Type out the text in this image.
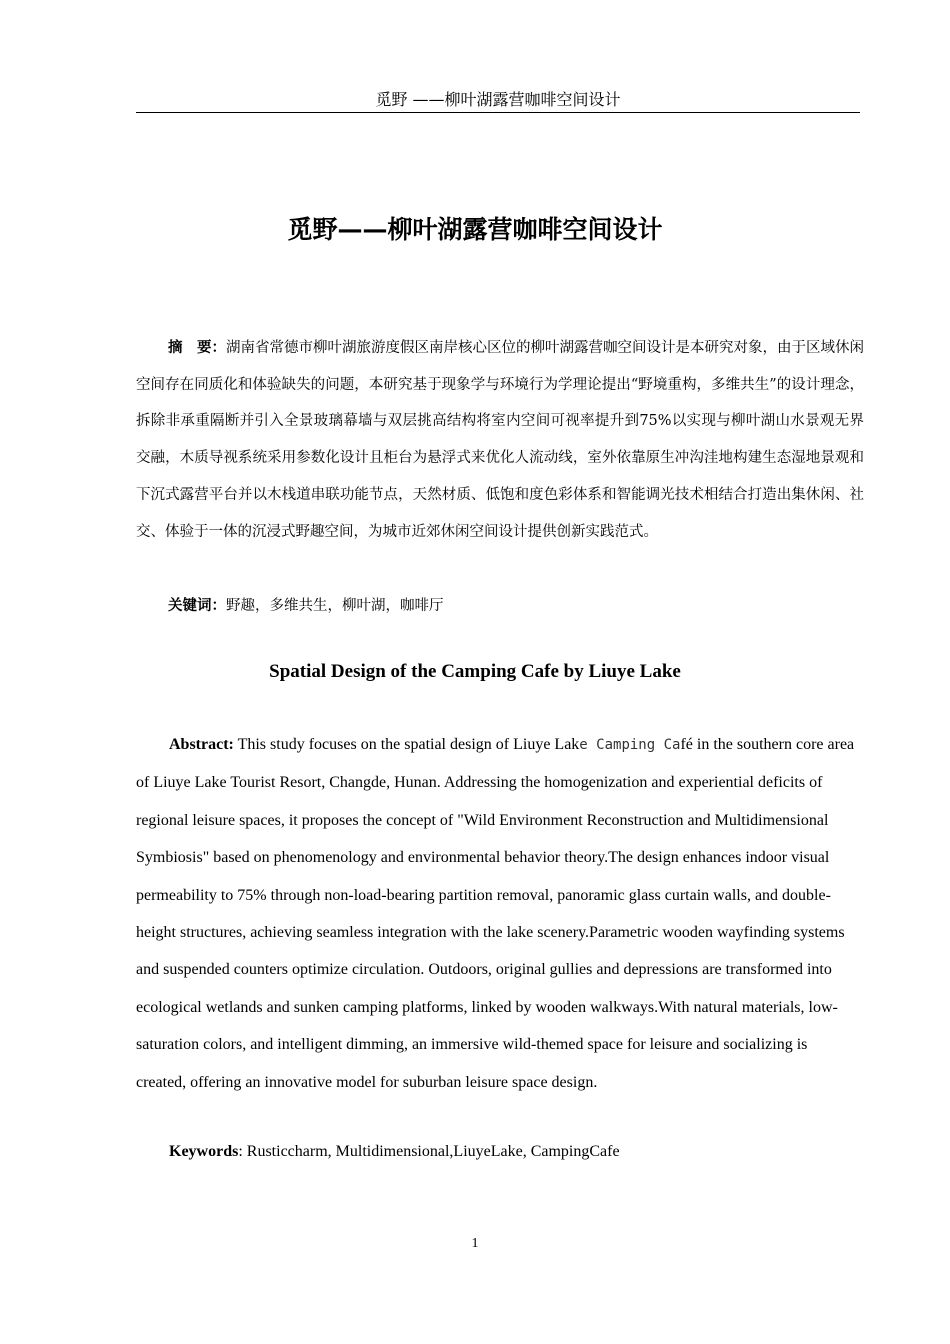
觅野 ——柳叶湖露营咖啡空间设计
觅野——柳叶湖露营咖啡空间设计

摘　要：湖南省常德市柳叶湖旅游度假区南岸核心区位的柳叶湖露营咖空间设计是本研究对象，由于区域休闲空间存在同质化和体验缺失的问题，本研究基于现象学与环境行为学理论提出“野境重构，多维共生”的设计理念，拆除非承重隔断并引入全景玻璃幕墙与双层挑高结构将室内空间可视率提升到75%以实现与柳叶湖山水景观无界交融，木质导视系统采用参数化设计且柜台为悬浮式来优化人流动线，室外依靠原生冲沟洼地构建生态湿地景观和下沉式露营平台并以木栈道串联功能节点，天然材质、低饱和度色彩体系和智能调光技术相结合打造出集休闲、社交、体验于一体的沉浸式野趣空间，为城市近郊休闲空间设计提供创新实践范式。

关键词：野趣，多维共生，柳叶湖，咖啡厅

Spatial Design of the Camping Cafe by Liuye Lake

Abstract: This study focuses on the spatial design of Liuye Lake Camping Café in the southern core area of Liuye Lake Tourist Resort, Changde, Hunan. Addressing the homogenization and experiential deficits of regional leisure spaces, it proposes the concept of "Wild Environment Reconstruction and Multidimensional Symbiosis" based on phenomenology and environmental behavior theory.The design enhances indoor visual permeability to 75% through non-load-bearing partition removal, panoramic glass curtain walls, and double-height structures, achieving seamless integration with the lake scenery.Parametric wooden wayfinding systems and suspended counters optimize circulation. Outdoors, original gullies and depressions are transformed into ecological wetlands and sunken camping platforms, linked by wooden walkways.With natural materials, low-saturation colors, and intelligent dimming, an immersive wild-themed space for leisure and socializing is created, offering an innovative model for suburban leisure space design.

Keywords: Rusticcharm, Multidimensional,LiuyeLake, CampingCafe

1
